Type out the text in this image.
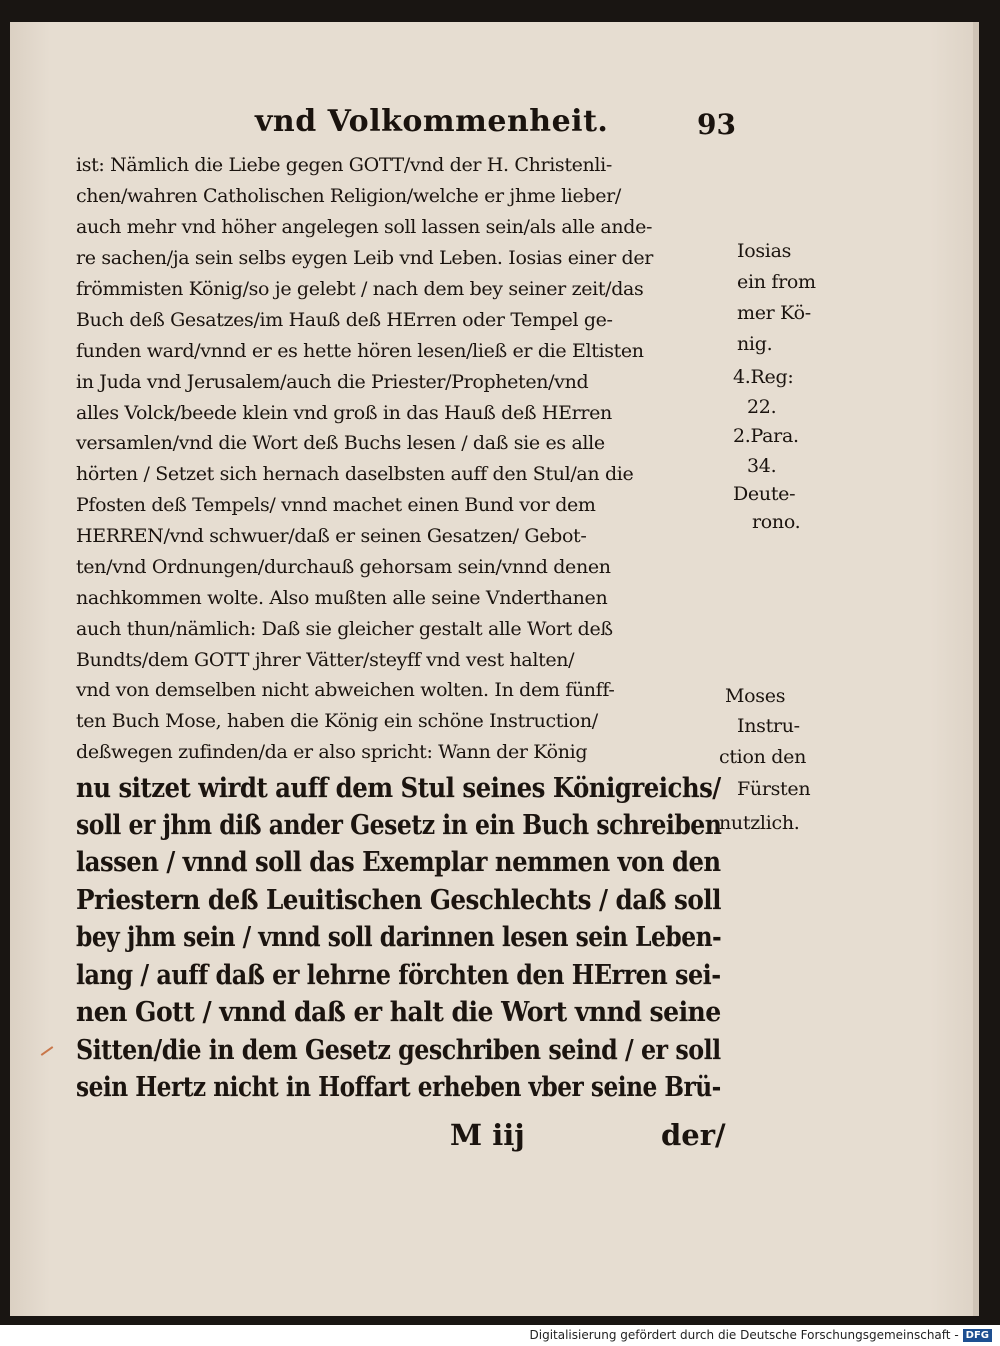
vnd Volkommenheit.	93
ist: Nämlich die Liebe gegen GOTT/vnd der H. Christenli-
chen/wahren Catholischen Religion/welche er jhme lieber/
auch mehr vnd höher angelegen soll lassen sein/als alle ande-
re sachen/ja sein selbs eygen Leib vnd Leben. Iosias einer der
frömmisten König/so je gelebt / nach dem bey seiner zeit/das
Buch deß Gesatzes/im Hauß deß HErren oder Tempel ge-
funden ward/vnnd er es hette hören lesen/ließ er die Eltisten
in Juda vnd Jerusalem/auch die Priester/Propheten/vnd
alles Volck/beede klein vnd groß in das Hauß deß HErren
versamlen/vnd die Wort deß Buchs lesen / daß sie es alle
hörten / Setzet sich hernach daselbsten auff den Stul/an die
Pfosten deß Tempels/ vnnd machet einen Bund vor dem
HERREN/vnd schwuer/daß er seinen Gesatzen/ Gebot-
ten/vnd Ordnungen/durchauß gehorsam sein/vnnd denen
nachkommen wolte. Also mußten alle seine Vnderthanen
auch thun/nämlich: Daß sie gleicher gestalt alle Wort deß
Bundts/dem GOTT jhrer Vätter/steyff vnd vest halten/
vnd von demselben nicht abweichen wolten. In dem fünff-
ten Buch Mose, haben die König ein schöne Instruction/
deßwegen zufinden/da er also spricht: Wann der König
nu sitzet wirdt auff dem Stul seines Königreichs/
soll er jhm diß ander Gesetz in ein Buch schreiben
lassen / vnnd soll das Exemplar nemmen von den
Priestern deß Leuitischen Geschlechts / daß soll
bey jhm sein / vnnd soll darinnen lesen sein Leben-
lang / auff daß er lehrne förchten den HErren sei-
nen Gott / vnnd daß er halt die Wort vnnd seine
Sitten/die in dem Gesetz geschriben seind / er soll
sein Hertz nicht in Hoffart erheben vber seine Brü-
Iosias
ein from
mer Kö-
nig.
4.Reg:
22.
2.Para.
34.
Deute-
rono.
Moses
Instru-
ction den
Fürsten
nutzlich.
M iij	der/
Digitalisierung gefördert durch die Deutsche Forschungsgemeinschaft - DFG
